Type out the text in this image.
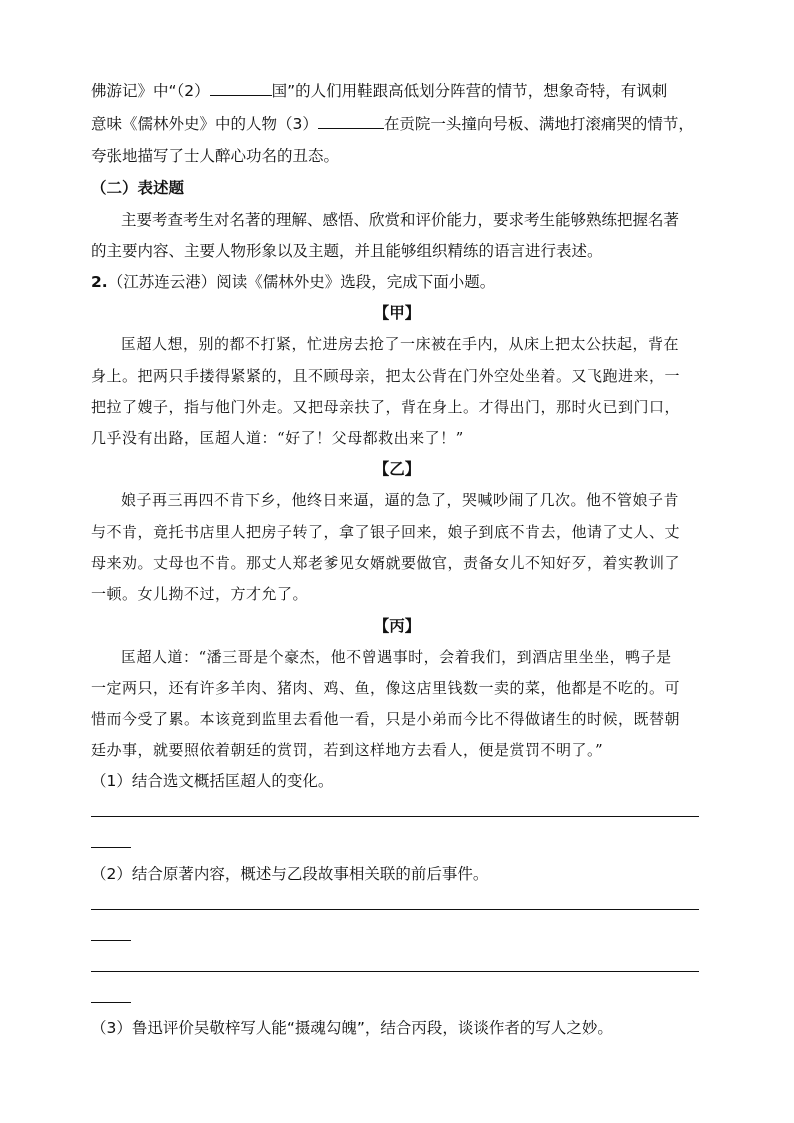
佛游记》中“（2）	国”的人们用鞋跟高低划分阵营的情节，想象奇特，有讽刺
意味《儒林外史》中的人物（3）	在贡院一头撞向号板、满地打滚痛哭的情节，
夸张地描写了士人醉心功名的丑态。
（二）表述题
主要考查考生对名著的理解、感悟、欣赏和评价能力，要求考生能够熟练把握名著
的主要内容、主要人物形象以及主题，并且能够组织精练的语言进行表述。
2.（江苏连云港）阅读《儒林外史》选段，完成下面小题。
【甲】
匡超人想，别的都不打紧，忙进房去抢了一床被在手内，从床上把太公扶起，背在
身上。把两只手搂得紧紧的，且不顾母亲，把太公背在门外空处坐着。又飞跑进来，一
把拉了嫂子，指与他门外走。又把母亲扶了，背在身上。才得出门，那时火已到门口，
几乎没有出路，匡超人道：“好了！父母都救出来了！”
【乙】
娘子再三再四不肯下乡，他终日来逼，逼的急了，哭喊吵闹了几次。他不管娘子肯
与不肯，竟托书店里人把房子转了，拿了银子回来，娘子到底不肯去，他请了丈人、丈
母来劝。丈母也不肯。那丈人郑老爹见女婿就要做官，责备女儿不知好歹，着实教训了
一顿。女儿拗不过，方才允了。
【丙】
匡超人道：“潘三哥是个豪杰，他不曾遇事时，会着我们，到酒店里坐坐，鸭子是
一定两只，还有许多羊肉、猪肉、鸡、鱼，像这店里钱数一卖的菜，他都是不吃的。可
惜而今受了累。本该竟到监里去看他一看，只是小弟而今比不得做诸生的时候，既替朝
廷办事，就要照依着朝廷的赏罚，若到这样地方去看人，便是赏罚不明了。”
（1）结合选文概括匡超人的变化。
（2）结合原著内容，概述与乙段故事相关联的前后事件。
（3）鲁迅评价吴敬梓写人能“摄魂勾魄”，结合丙段，谈谈作者的写人之妙。
